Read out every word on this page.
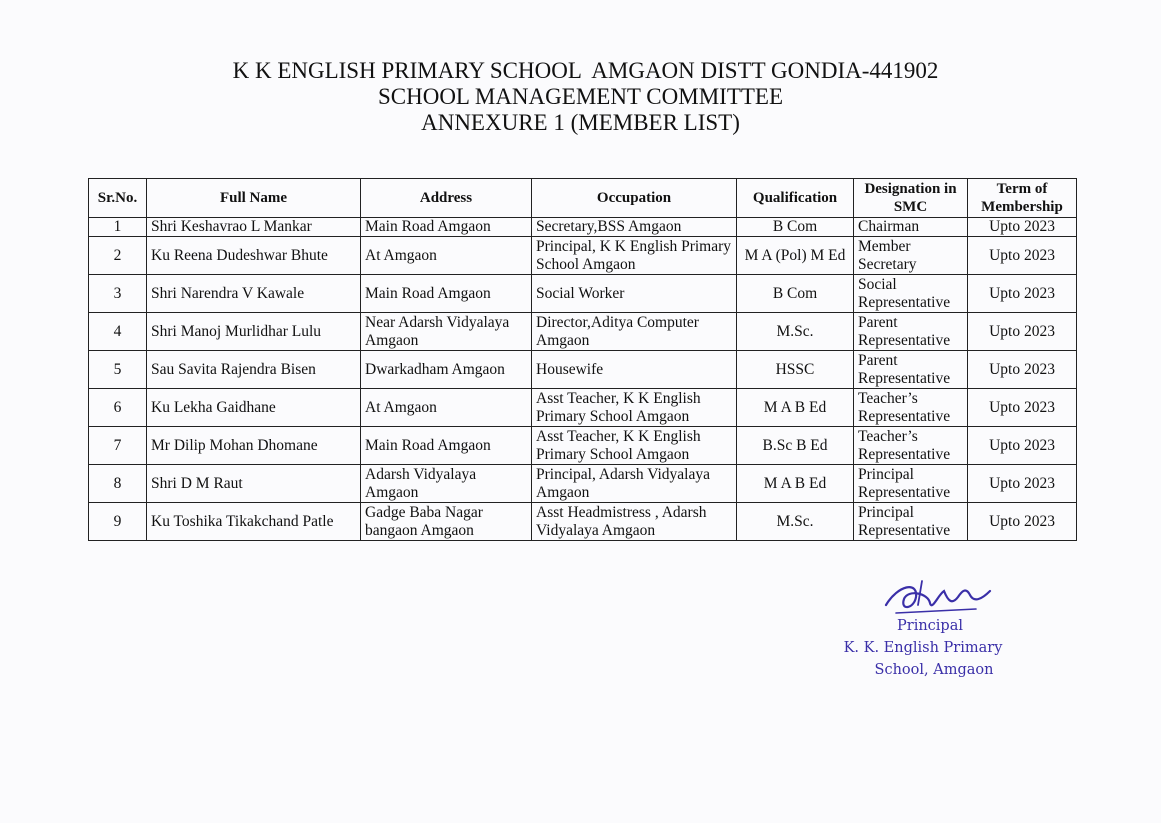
K K ENGLISH PRIMARY SCHOOL  AMGAON DISTT GONDIA-441902
SCHOOL MANAGEMENT COMMITTEE
ANNEXURE 1 (MEMBER LIST)
Sr.No.	Full Name	Address	Occupation	Qualification	Designation in SMC	Term of Membership
1	Shri Keshavrao L Mankar	Main Road Amgaon	Secretary,BSS Amgaon	B Com	Chairman	Upto 2023
2	Ku Reena Dudeshwar Bhute	At Amgaon	Principal, K K English Primary School Amgaon	M A (Pol) M Ed	Member Secretary	Upto 2023
3	Shri Narendra V Kawale	Main Road Amgaon	Social Worker	B Com	Social Representative	Upto 2023
4	Shri Manoj Murlidhar Lulu	Near Adarsh Vidyalaya Amgaon	Director,Aditya Computer Amgaon	M.Sc.	Parent Representative	Upto 2023
5	Sau Savita Rajendra Bisen	Dwarkadham Amgaon	Housewife	HSSC	Parent Representative	Upto 2023
6	Ku Lekha Gaidhane	At Amgaon	Asst Teacher, K K English Primary School Amgaon	M A B Ed	Teacher’s Representative	Upto 2023
7	Mr Dilip Mohan Dhomane	Main Road Amgaon	Asst Teacher, K K English Primary School Amgaon	B.Sc B Ed	Teacher’s Representative	Upto 2023
8	Shri D M Raut	Adarsh Vidyalaya Amgaon	Principal, Adarsh Vidyalaya Amgaon	M A B Ed	Principal Representative	Upto 2023
9	Ku Toshika Tikakchand Patle	Gadge Baba Nagar bangaon Amgaon	Asst Headmistress , Adarsh Vidyalaya Amgaon	M.Sc.	Principal Representative	Upto 2023
Principal
K. K. English Primary
School, Amgaon
